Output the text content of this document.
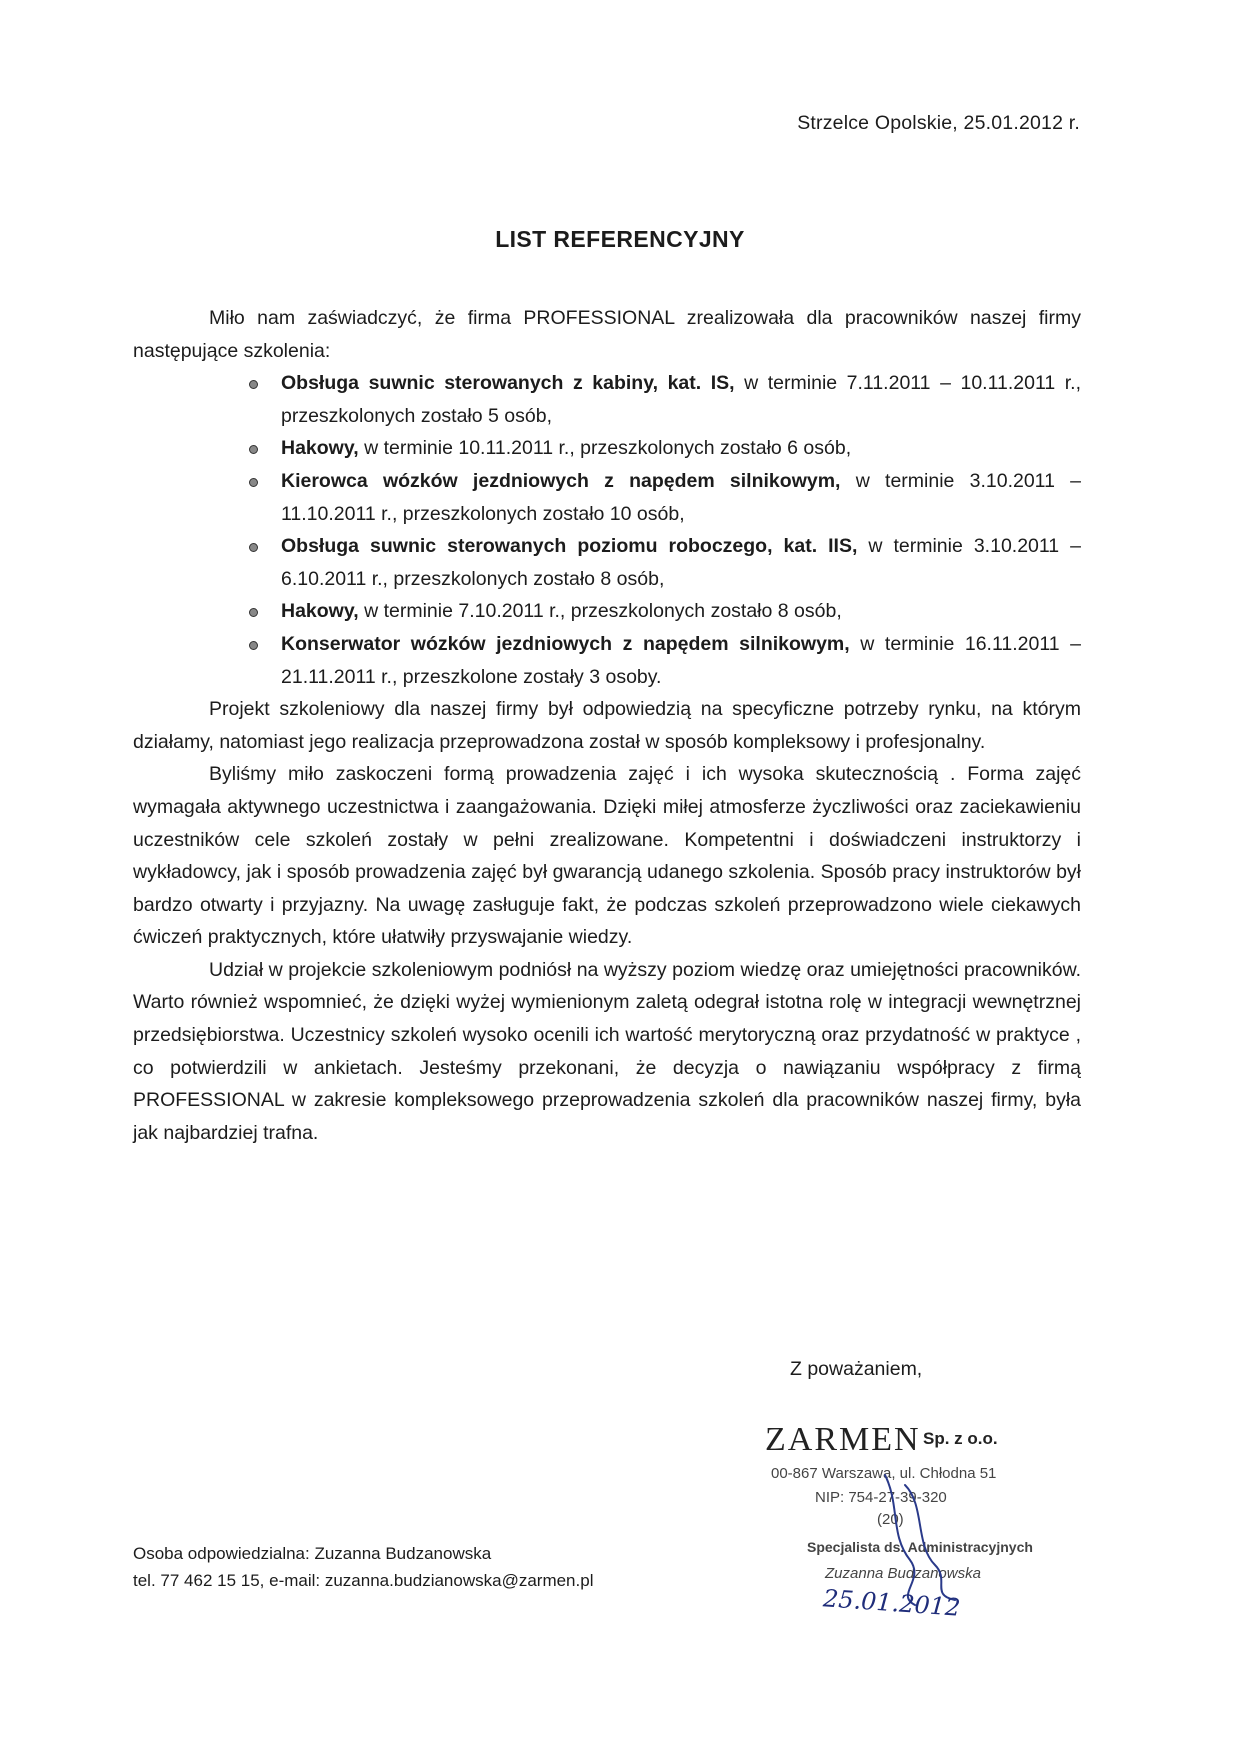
Strzelce Opolskie, 25.01.2012 r.
LIST REFERENCYJNY
Miło nam zaświadczyć, że firma PROFESSIONAL zrealizowała dla pracowników naszej firmy następujące szkolenia:
Obsługa suwnic sterowanych z kabiny, kat. IS, w terminie 7.11.2011 – 10.11.2011 r., przeszkolonych zostało 5 osób,
Hakowy, w terminie 10.11.2011 r., przeszkolonych zostało 6 osób,
Kierowca wózków jezdniowych z napędem silnikowym, w terminie 3.10.2011 – 11.10.2011 r., przeszkolonych zostało 10 osób,
Obsługa suwnic sterowanych poziomu roboczego, kat. IIS, w terminie 3.10.2011 – 6.10.2011 r., przeszkolonych zostało 8 osób,
Hakowy, w terminie 7.10.2011 r., przeszkolonych zostało 8 osób,
Konserwator wózków jezdniowych z napędem silnikowym, w terminie 16.11.2011 – 21.11.2011 r., przeszkolone zostały 3 osoby.

Projekt szkoleniowy dla naszej firmy był odpowiedzią na specyficzne potrzeby rynku, na którym działamy, natomiast jego realizacja przeprowadzona został w sposób kompleksowy i profesjonalny.

Byliśmy miło zaskoczeni formą prowadzenia zajęć i ich wysoka skutecznością . Forma zajęć wymagała aktywnego uczestnictwa i zaangażowania. Dzięki miłej atmosferze życzliwości oraz zaciekawieniu uczestników cele szkoleń zostały w pełni zrealizowane. Kompetentni i doświadczeni instruktorzy i wykładowcy, jak i sposób prowadzenia zajęć był gwarancją udanego szkolenia. Sposób pracy instruktorów był bardzo otwarty i przyjazny. Na uwagę zasługuje fakt, że podczas szkoleń przeprowadzono wiele ciekawych ćwiczeń praktycznych, które ułatwiły przyswajanie wiedzy.

Udział w projekcie szkoleniowym podniósł na wyższy poziom wiedzę oraz umiejętności pracowników. Warto również wspomnieć, że dzięki wyżej wymienionym zaletą odegrał istotna rolę w integracji wewnętrznej przedsiębiorstwa. Uczestnicy szkoleń wysoko ocenili ich wartość merytoryczną oraz przydatność w praktyce , co potwierdzili w ankietach. Jesteśmy przekonani, że decyzja o nawiązaniu współpracy z firmą PROFESSIONAL w zakresie kompleksowego przeprowadzenia szkoleń dla pracowników naszej firmy, była jak najbardziej trafna.

Z poważaniem,
ZARMEN Sp. z o.o.
00-867 Warszawa, ul. Chłodna 51
NIP: 754-27-39-320
(20)
Specjalista ds. Administracyjnych
Zuzanna Budzanowska
25.01.2012
Osoba odpowiedzialna: Zuzanna Budzanowska
tel. 77 462 15 15, e-mail: zuzanna.budzianowska@zarmen.pl
